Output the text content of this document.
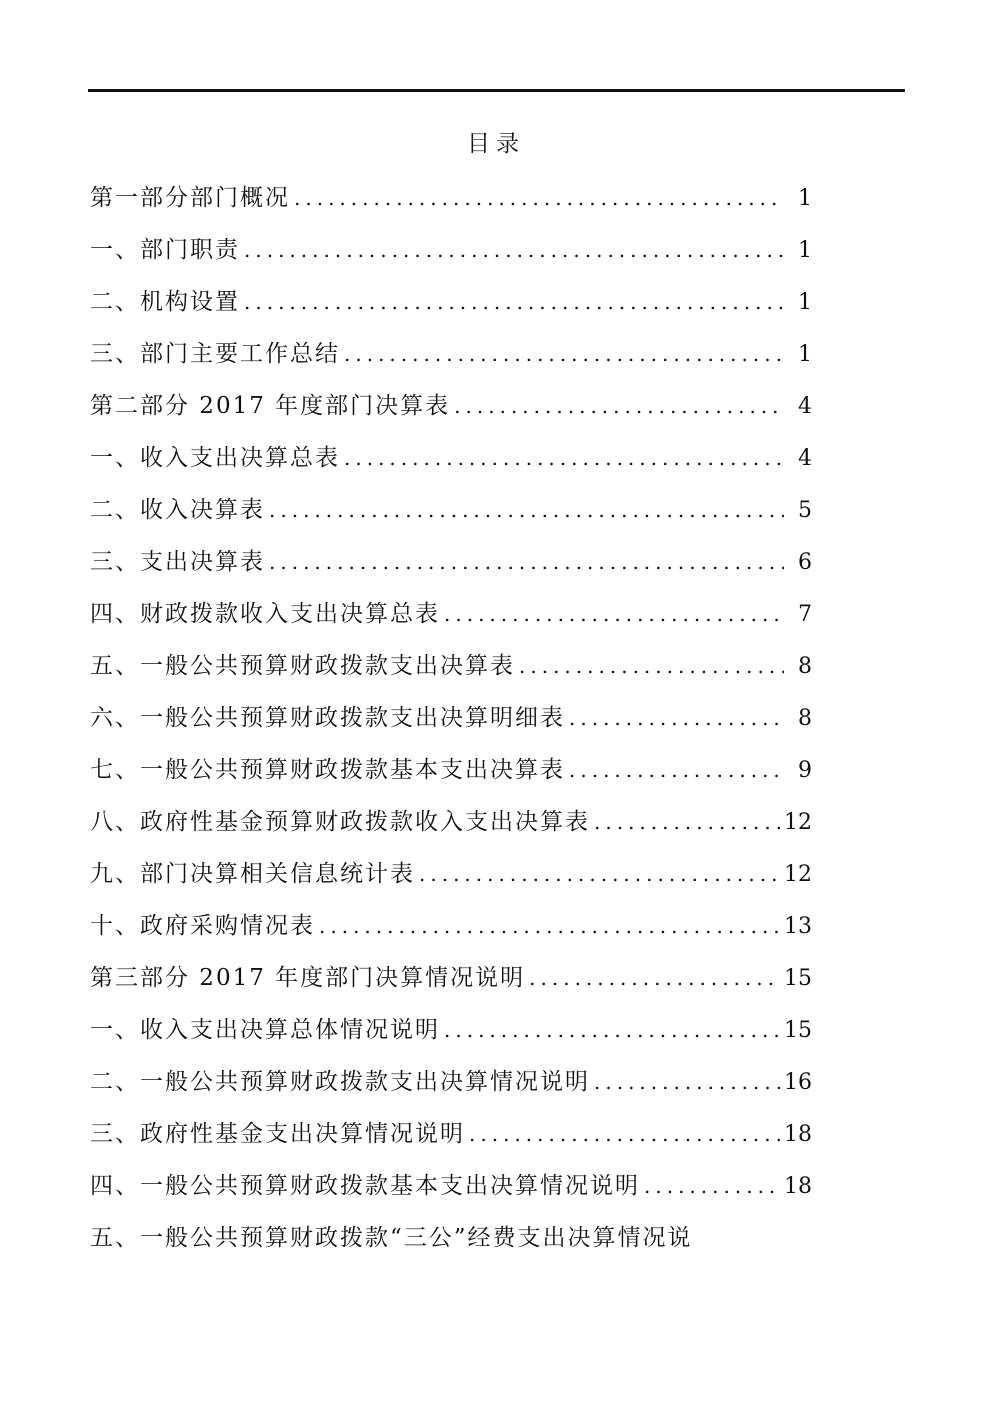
目录
第一部分部门概况 .....	1
一、部门职责 .....	1
二、机构设置 .....	1
三、部门主要工作总结 .....	1
第二部分 2017 年度部门决算表 .....	4
一、收入支出决算总表 .....	4
二、收入决算表 .....	5
三、支出决算表 .....	6
四、财政拨款收入支出决算总表 .....	7
五、一般公共预算财政拨款支出决算表 .....	8
六、一般公共预算财政拨款支出决算明细表 .....	8
七、一般公共预算财政拨款基本支出决算表 .....	9
八、政府性基金预算财政拨款收入支出决算表 .....	12
九、部门决算相关信息统计表 .....	12
十、政府采购情况表 .....	13
第三部分 2017 年度部门决算情况说明 .....	15
一、收入支出决算总体情况说明 .....	15
二、一般公共预算财政拨款支出决算情况说明 .....	16
三、政府性基金支出决算情况说明 .....	18
四、一般公共预算财政拨款基本支出决算情况说明 .....	18
五、一般公共预算财政拨款“三公”经费支出决算情况说
